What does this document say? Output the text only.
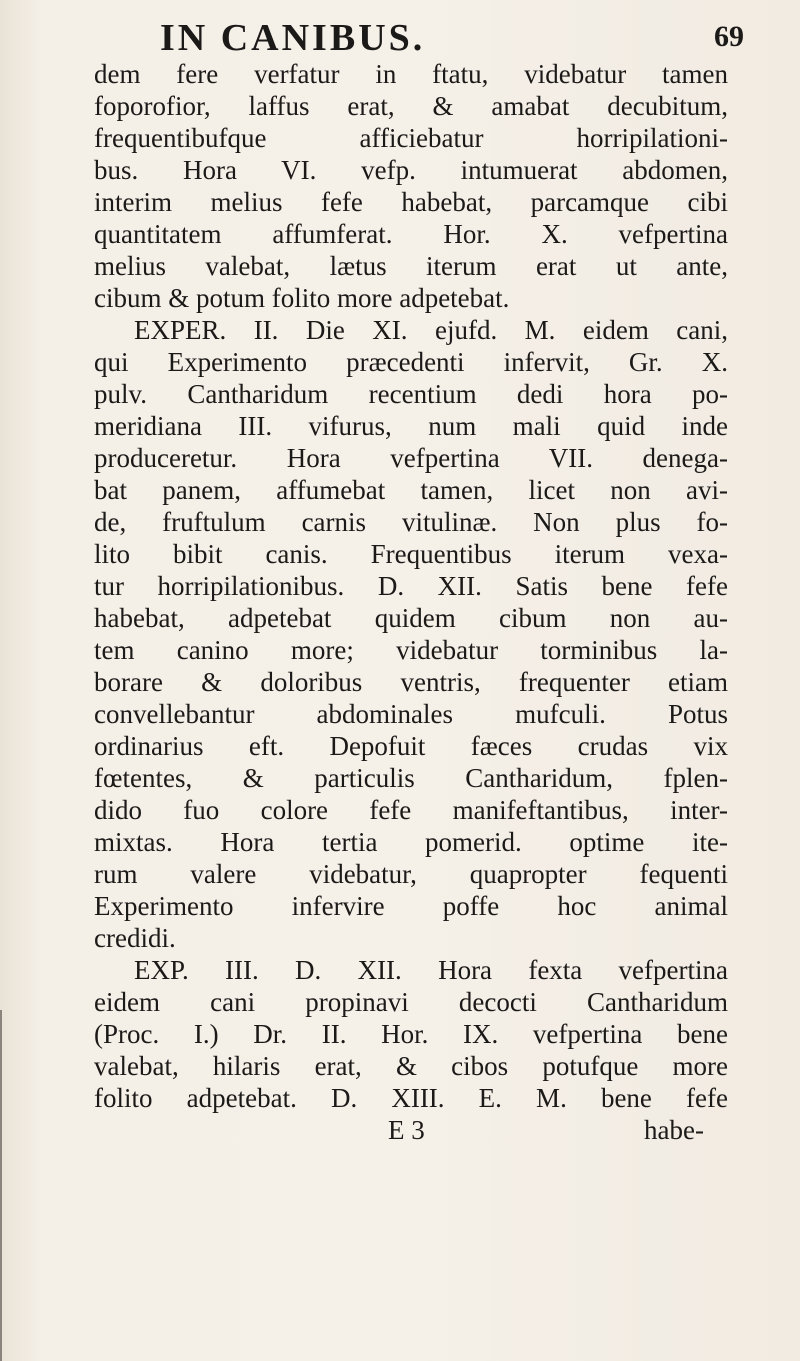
IN CANIBUS.	69
dem fere verfatur in ftatu, videbatur tamen
foporofior, laffus erat, & amabat decubitum,
frequentibufque afficiebatur horripilationi-
bus. Hora VI. vefp. intumuerat abdomen,
interim melius fefe habebat, parcamque cibi
quantitatem affumferat. Hor. X. vefpertina
melius valebat, lætus iterum erat ut ante,
cibum & potum folito more adpetebat.
EXPER. II. Die XI. ejufd. M. eidem cani,
qui Experimento præcedenti infervit, Gr. X.
pulv. Cantharidum recentium dedi hora po-
meridiana III. vifurus, num mali quid inde
produceretur. Hora vefpertina VII. denega-
bat panem, affumebat tamen, licet non avi-
de, fruftulum carnis vitulinæ. Non plus fo-
lito bibit canis. Frequentibus iterum vexa-
tur horripilationibus. D. XII. Satis bene fefe
habebat, adpetebat quidem cibum non au-
tem canino more; videbatur torminibus la-
borare & doloribus ventris, frequenter etiam
convellebantur abdominales mufculi. Potus
ordinarius eft. Depofuit fæces crudas vix
fœtentes, & particulis Cantharidum, fplen-
dido fuo colore fefe manifeftantibus, inter-
mixtas. Hora tertia pomerid. optime ite-
rum valere videbatur, quapropter fequenti
Experimento infervire poffe hoc animal
credidi.
EXP. III. D. XII. Hora fexta vefpertina
eidem cani propinavi decocti Cantharidum
(Proc. I.) Dr. II. Hor. IX. vefpertina bene
valebat, hilaris erat, & cibos potufque more
folito adpetebat. D. XIII. E. M. bene fefe
E 3	habe-
